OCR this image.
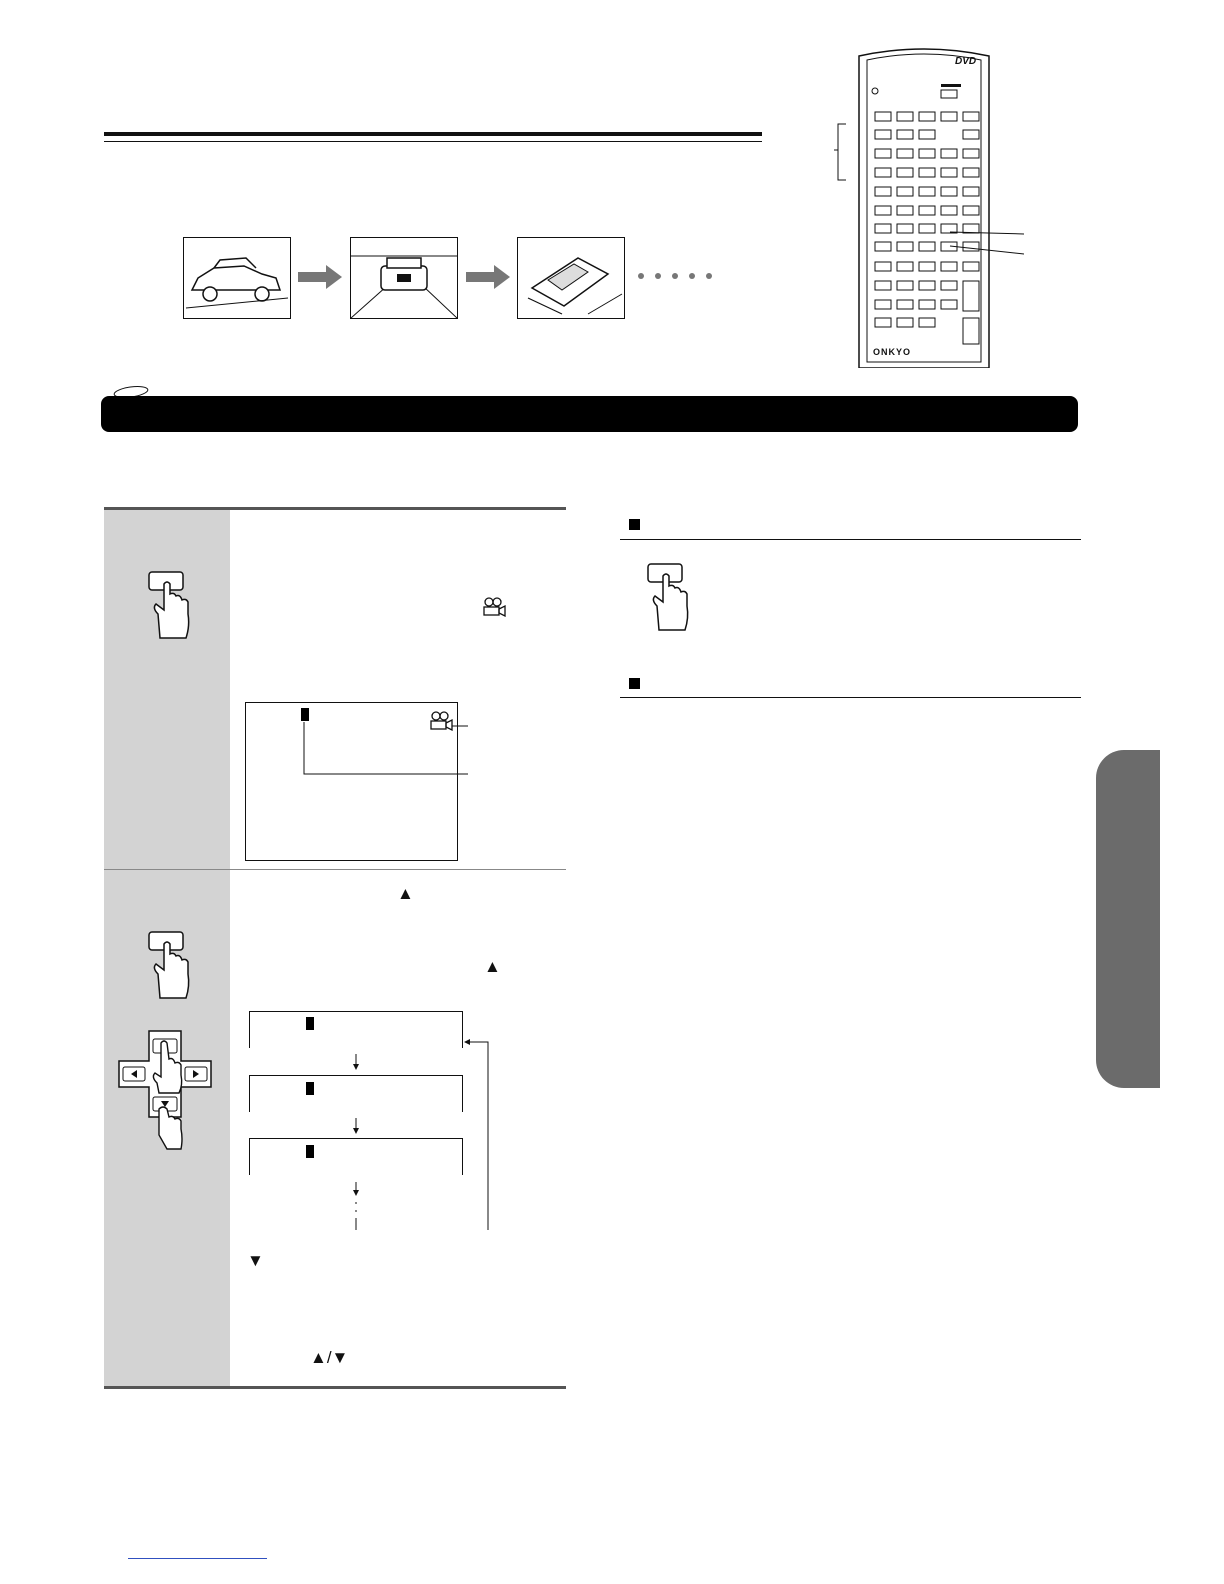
DVD
ONKYO
▲
▲
▼
▲/▼
